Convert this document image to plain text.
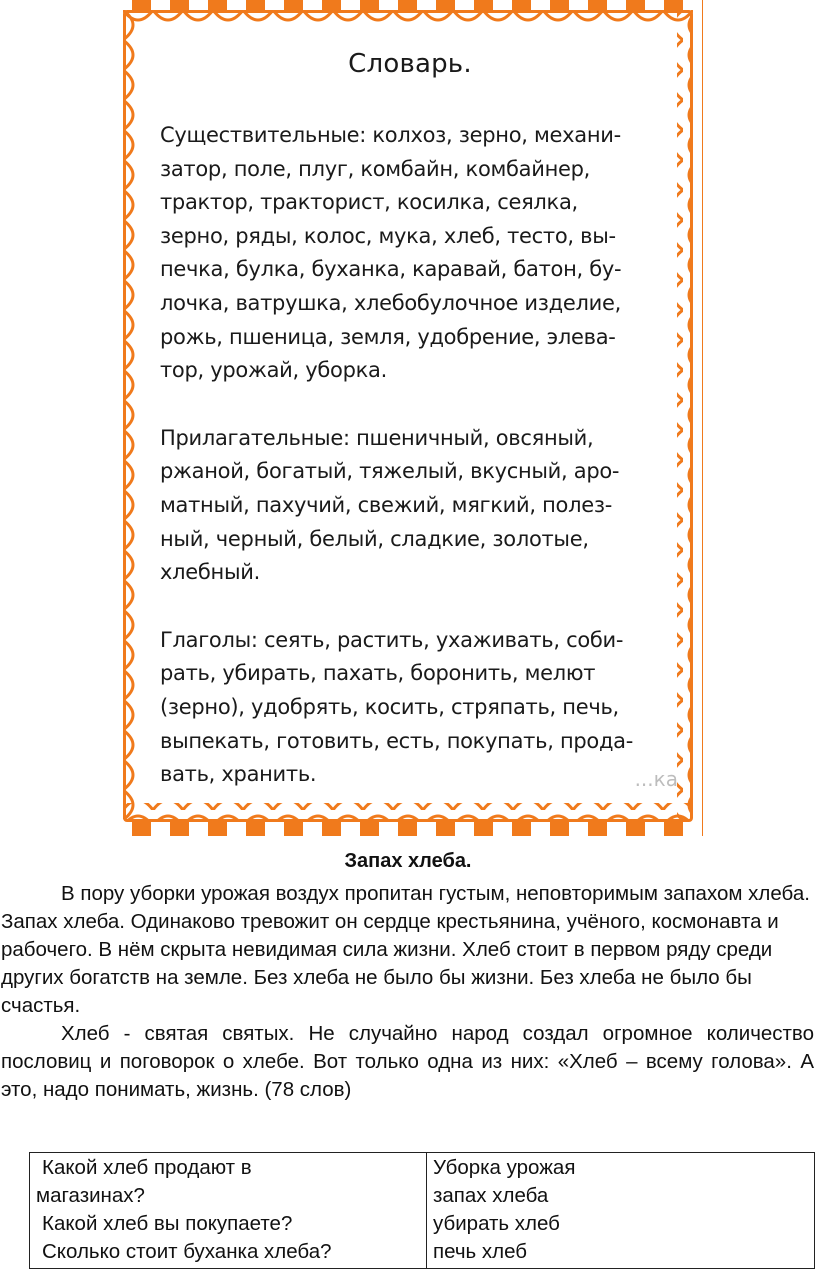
Словарь.
Существительные: колхоз, зерно, механи-
затор, поле, плуг, комбайн, комбайнер,
трактор, тракторист, косилка, сеялка,
зерно, ряды, колос, мука, хлеб, тесто, вы-
печка, булка, буханка, каравай, батон, бу-
лочка, ватрушка, хлебобулочное изделие,
рожь, пшеница, земля, удобрение, элева-
тор, урожай, уборка.
Прилагательные: пшеничный, овсяный,
ржаной, богатый, тяжелый, вкусный, аро-
матный, пахучий, свежий, мягкий, полез-
ный, черный, белый, сладкие, золотые,
хлебный.
Глаголы: сеять, растить, ухаживать, соби-
рать, убирать, пахать, боронить, мелют
(зерно), удобрять, косить, стряпать, печь,
выпекать, готовить, есть, покупать, прода-
вать, хранить.	...ка
Запах хлеба.

В пору уборки урожая воздух пропитан густым, неповторимым запахом хлеба. Запах хлеба. Одинаково тревожит он сердце крестьянина, учёного, космонавта и рабочего. В нём скрыта невидимая сила жизни. Хлеб стоит в первом ряду среди других богатств на земле. Без хлеба не было бы жизни. Без хлеба не было бы счастья.

Хлеб - святая святых. Не случайно народ создал огромное количество пословиц и поговорок о хлебе. Вот только одна из них: «Хлеб – всему голова». А это, надо понимать, жизнь. (78 слов)

Какой хлеб продают в
магазинах?
Какой хлеб вы покупаете?
Сколько стоит буханка хлеба?

Уборка урожая
запах хлеба
убирать хлеб
печь хлеб
